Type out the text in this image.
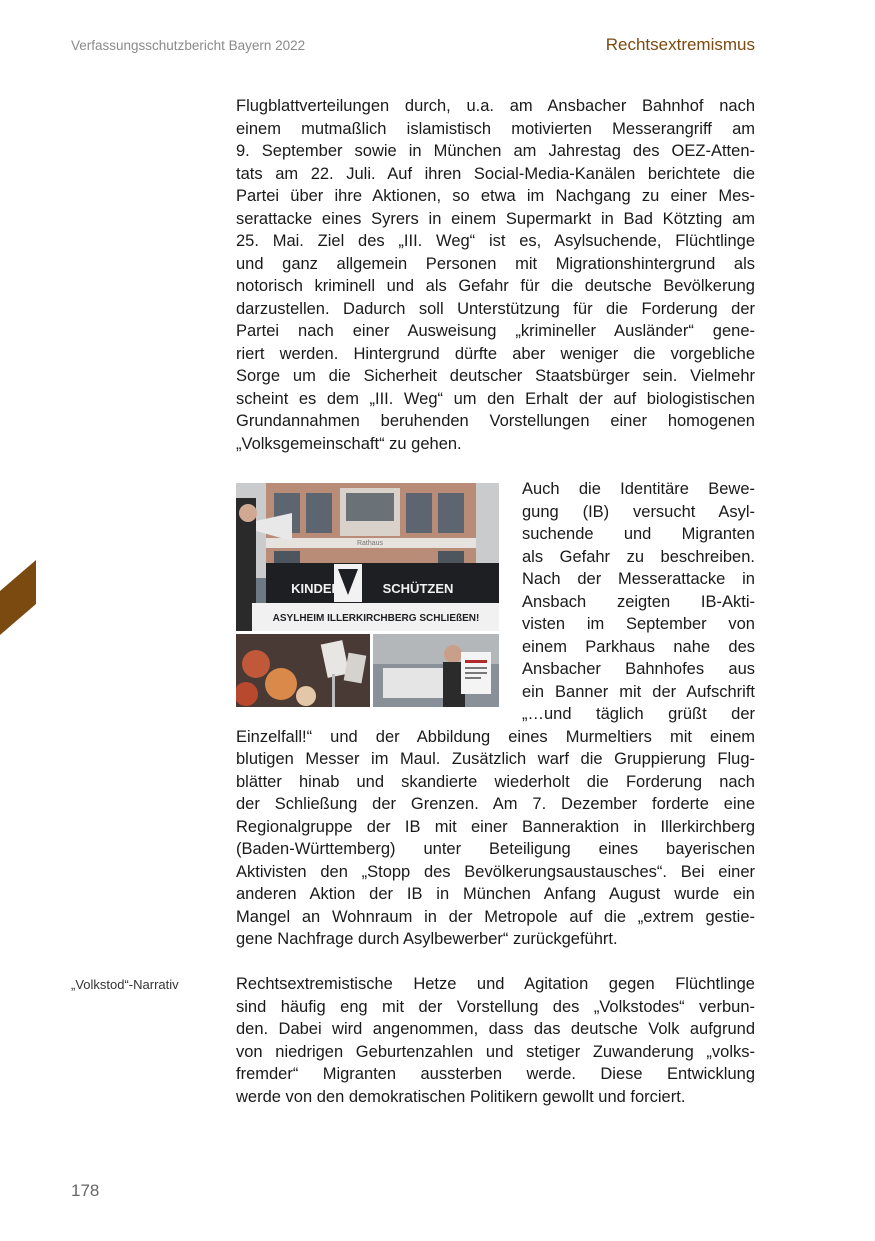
Verfassungsschutzbericht Bayern 2022	Rechtsextremismus

Flugblattverteilungen durch, u.a. am Ansbacher Bahnhof nach

einem mutmaßlich islamistisch motivierten Messerangriff am

9. September sowie in München am Jahrestag des OEZ-Atten-

tats am 22. Juli. Auf ihren Social-Media-Kanälen berichtete die

Partei über ihre Aktionen, so etwa im Nachgang zu einer Mes-

serattacke eines Syrers in einem Supermarkt in Bad Kötzting am

25. Mai. Ziel des „III. Weg“ ist es, Asylsuchende, Flüchtlinge

und ganz allgemein Personen mit Migrationshintergrund als

notorisch kriminell und als Gefahr für die deutsche Bevölkerung

darzustellen. Dadurch soll Unterstützung für die Forderung der

Partei nach einer Ausweisung „krimineller Ausländer“ gene-

riert werden. Hintergrund dürfte aber weniger die vorgebliche

Sorge um die Sicherheit deutscher Staatsbürger sein. Vielmehr

scheint es dem „III. Weg“ um den Erhalt der auf biologistischen

Grundannahmen beruhenden Vorstellungen einer homogenen

„Volksgemeinschaft“ zu gehen.

Rathaus
KINDER	SCHÜTZEN
ASYLHEIM ILLERKIRCHBERG SCHLIEßEN!

Auch die Identitäre Bewe-

gung (IB) versucht Asyl-

suchende und Migranten

als Gefahr zu beschreiben.

Nach der Messerattacke in

Ansbach zeigten IB-Akti-

visten im September von

einem Parkhaus nahe des

Ansbacher Bahnhofes aus

ein Banner mit der Aufschrift

„…und täglich grüßt der

Einzelfall!“ und der Abbildung eines Murmeltiers mit einem

blutigen Messer im Maul. Zusätzlich warf die Gruppierung Flug-

blätter hinab und skandierte wiederholt die Forderung nach

der Schließung der Grenzen. Am 7. Dezember forderte eine

Regionalgruppe der IB mit einer Banneraktion in Illerkirchberg

(Baden-Württemberg) unter Beteiligung eines bayerischen

Aktivisten den „Stopp des Bevölkerungsaustausches“. Bei einer

anderen Aktion der IB in München Anfang August wurde ein

Mangel an Wohnraum in der Metropole auf die „extrem gestie-

gene Nachfrage durch Asylbewerber“ zurückgeführt.

„Volkstod“-Narrativ	Rechtsextremistische Hetze und Agitation gegen Flüchtlinge

sind häufig eng mit der Vorstellung des „Volkstodes“ verbun-

den. Dabei wird angenommen, dass das deutsche Volk aufgrund

von niedrigen Geburtenzahlen und stetiger Zuwanderung „volks-

fremder“ Migranten aussterben werde. Diese Entwicklung

werde von den demokratischen Politikern gewollt und forciert.

178
